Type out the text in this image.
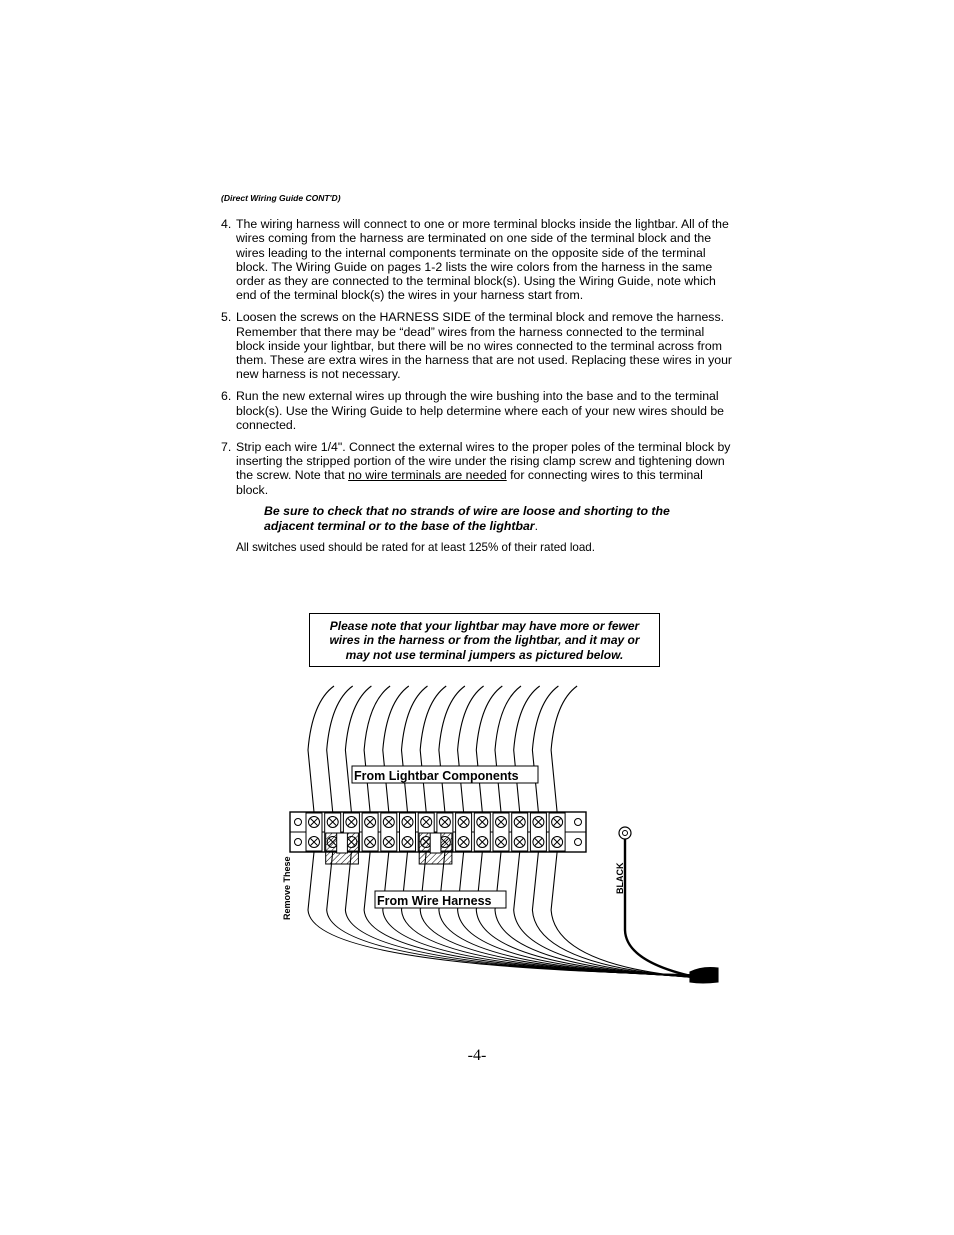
(Direct Wiring Guide CONT'D)
4. The wiring harness will connect to one or more terminal blocks inside the lightbar. All of the wires coming from the harness are terminated on one side of the terminal block and the wires leading to the internal components terminate on the opposite side of the terminal block. The Wiring Guide on pages 1-2 lists the wire colors from the harness in the same order as they are connected to the terminal block(s). Using the Wiring Guide, note which end of the terminal block(s) the wires in your harness start from.
5. Loosen the screws on the HARNESS SIDE of the terminal block and remove the harness. Remember that there may be “dead” wires from the harness connected to the terminal block inside your lightbar, but there will be no wires connected to the terminal across from them. These are extra wires in the harness that are not used. Replacing these wires in your new harness is not necessary.
6. Run the new external wires up through the wire bushing into the base and to the terminal block(s). Use the Wiring Guide to help determine where each of your new wires should be connected.
7. Strip each wire 1/4". Connect the external wires to the proper poles of the terminal block by inserting the stripped portion of the wire under the rising clamp screw and tightening down the screw. Note that no wire terminals are needed for connecting wires to this terminal block.
Be sure to check that no strands of wire are loose and shorting to the adjacent terminal or to the base of the lightbar.
All switches used should be rated for at least 125% of their rated load.
Please note that your lightbar may have more or fewer
wires in the harness or from the lightbar, and it may or
may not use terminal jumpers as pictured below.
From Lightbar Components
From Wire Harness
Remove These	BLACK
-4-
